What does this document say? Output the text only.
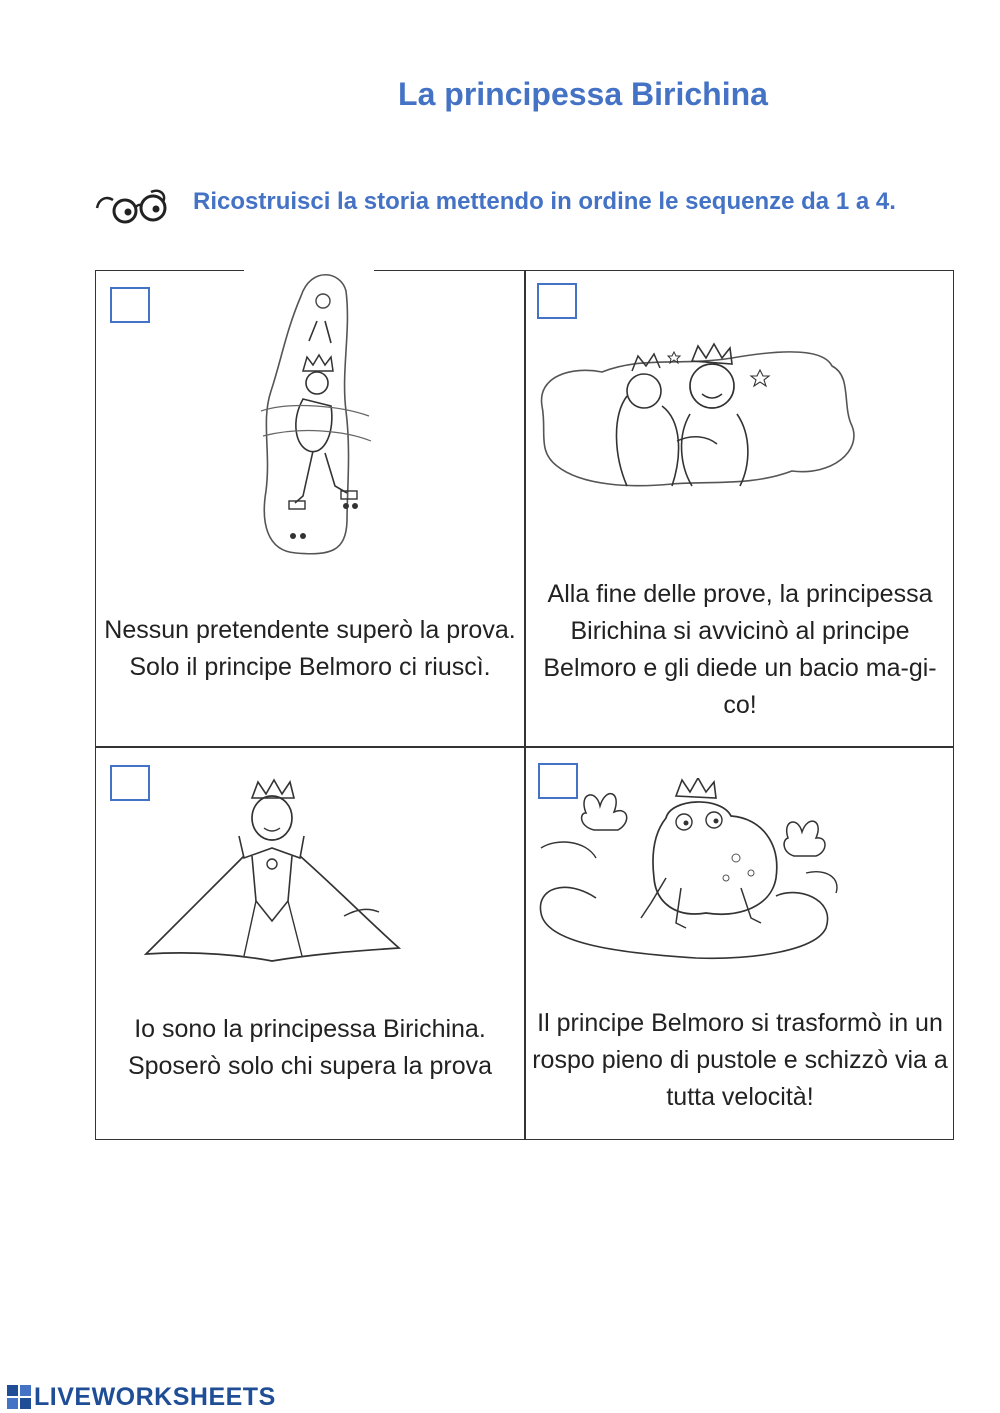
La principessa Birichina
Ricostruisci la storia mettendo in ordine le sequenze da 1 a 4.
Nessun pretendente superò la prova. Solo il principe Belmoro ci riuscì.
Alla fine delle prove, la principessa Birichina si avvicinò al principe Belmoro e gli diede un bacio ma-gi-co!
Io sono la principessa Birichina. Sposerò solo chi supera la prova
Il principe Belmoro si trasformò in un rospo pieno di pustole e schizzò via a tutta velocità!
LIVEWORKSHEETS
